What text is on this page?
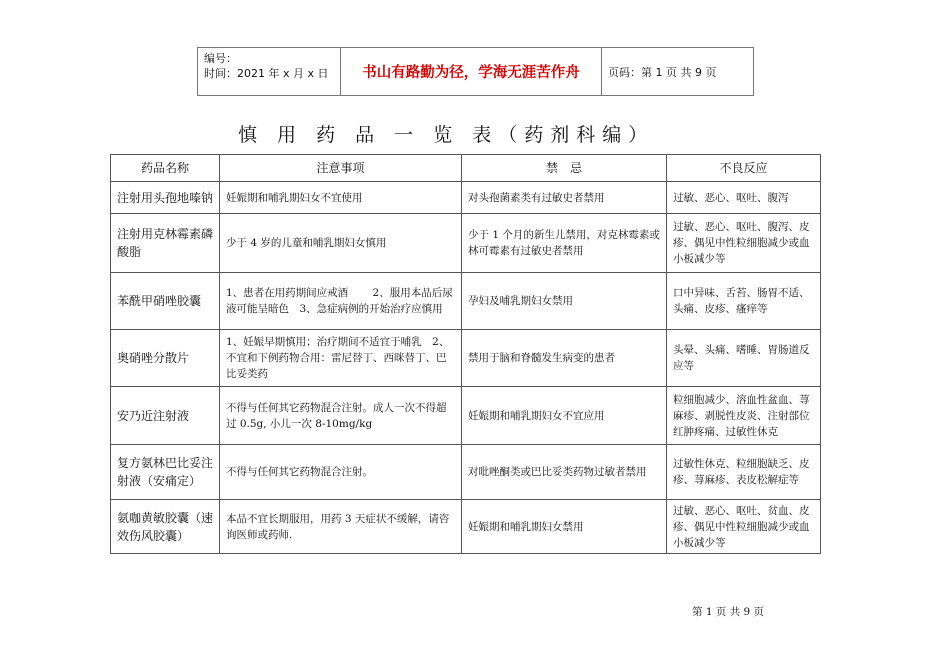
编号：
时间：2021 年 x 月 x 日	书山有路勤为径，学海无涯苦作舟	页码：第 1 页 共 9 页
慎 用 药 品 一 览 表（药剂科编）
药品名称	注意事项	禁　忌	不良反应
注射用头孢地嗪钠	妊娠期和哺乳期妇女不宜使用	对头孢菌素类有过敏史者禁用	过敏、恶心、呕吐、腹泻
注射用克林霉素磷酸脂	少于 4 岁的儿童和哺乳期妇女慎用	少于 1 个月的新生儿禁用，对克林霉素或林可霉素有过敏史者禁用	过敏、恶心、呕吐、腹泻、皮疹、偶见中性粒细胞减少或血小板减少等
苯酰甲硝唑胶囊	1、患者在用药期间应戒酒　　 2、服用本品后尿液可能呈暗色　3、急症病例的开始治疗应慎用	孕妇及哺乳期妇女禁用	口中异味、舌苔、肠胃不适、头痛、皮疹、瘙痒等
奥硝唑分散片	1、妊娠早期慎用；治疗期间不适宜于哺乳　2、不宜和下例药物合用：雷尼替丁、西咪替丁、巴比妥类药	禁用于脑和脊髓发生病变的患者	头晕、头痛、嗜睡、胃肠道反应等
安乃近注射液	不得与任何其它药物混合注射。成人一次不得超过 0.5g, 小儿一次 8-10mg/kg	妊娠期和哺乳期妇女不宜应用	粒细胞减少、溶血性盆血、荨麻疹、剥脱性皮炎、注射部位红肿疼痛、过敏性休克
复方氨林巴比妥注射液（安痛定）	不得与任何其它药物混合注射。	对吡唑酮类或巴比妥类药物过敏者禁用	过敏性休克、粒细胞缺乏、皮疹、荨麻疹、表皮松解症等
氨咖黄敏胶囊（速效伤风胶囊）	本品不宜长期服用，用药 3 天症状不缓解，请咨询医师或药师.	妊娠期和哺乳期妇女禁用	过敏、恶心、呕吐、贫血、皮疹、偶见中性粒细胞减少或血小板减少等
第 1 页 共 9 页
